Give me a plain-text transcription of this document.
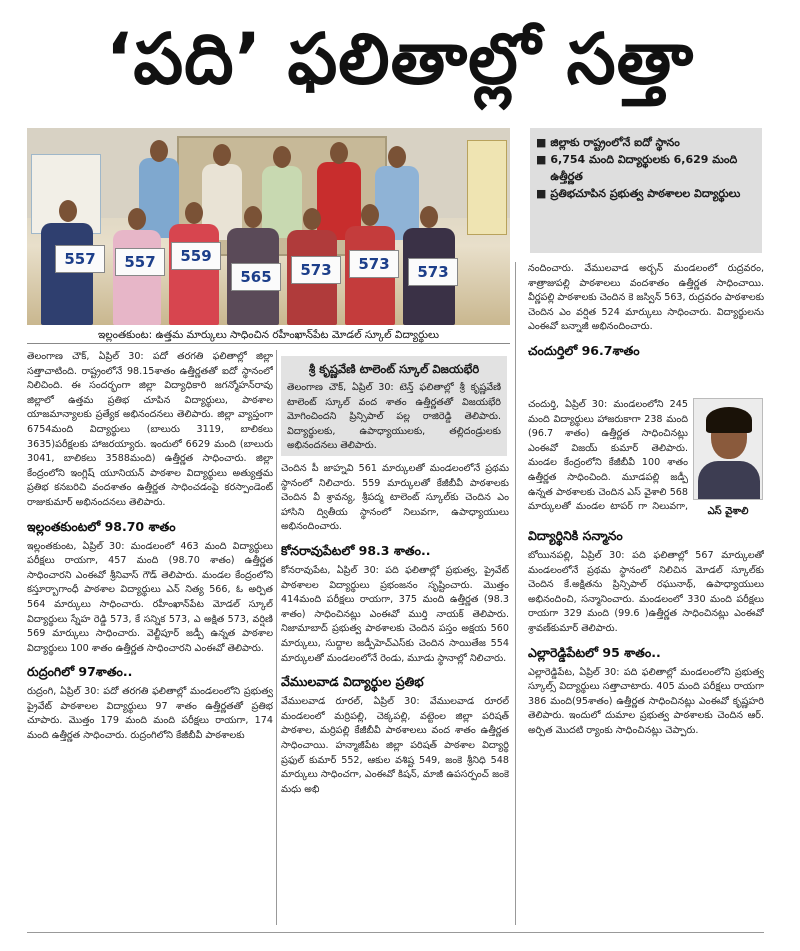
‘పది’ ఫలితాల్లో సత్తా
557	557	559
565	573	573	573
ఇల్లంతకుంట: ఉత్తమ మార్కులు సాధించిన రహీంఖాన్‌పేట మోడల్ స్కూల్ విద్యార్థులు
■ జిల్లాకు రాష్ట్రంలోనే ఐదో స్థానం
■ 6,754 మంది విద్యార్థులకు 6,629 మంది ఉత్తీర్ణత
■ ప్రతిభచూపిన ప్రభుత్వ పాఠశాలల విద్యార్థులు

తెలంగాణ చౌక్, ఏప్రిల్ 30: పదో తరగతి ఫలితాల్లో జిల్లా సత్తాచాటింది. రాష్ట్రంలోనే 98.15శాతం ఉత్తీర్ణతతో ఐదో స్థానంలో నిలిచింది. ఈ సందర్భంగా జిల్లా విద్యాధికారి జగన్మోహన్‌రావు జిల్లాలో ఉత్తమ ప్రతిభ చూపిన విద్యార్థులు, పాఠశాల యాజమాన్యాలకు ప్రత్యేక అభినందనలు తెలిపారు. జిల్లా వ్యాప్తంగా 6754మంది విద్యార్థులు (బాలురు 3119, బాలికలు 3635)పరీక్షలకు హాజరయ్యారు. ఇందులో 6629 మంది (బాలురు 3041, బాలికలు 3588మంది) ఉత్తీర్ణత సాధించారు. జిల్లా కేంద్రంలోని ఇంగ్లిష్ యూనియన్ పాఠశాల విద్యార్థులు అత్యుత్తమ ప్రతిభ కనబరిచి వందశాతం ఉత్తీర్ణత సాధించడంపై కరస్పాండెంట్ రాజుకుమార్ అభినందనలు తెలిపారు.

ఇల్లంతకుంటలో 98.70 శాతం

ఇల్లంతకుంట, ఏప్రిల్ 30: మండలంలో 463 మంది విద్యార్థులు పరీక్షలు రాయగా, 457 మంది (98.70 శాతం) ఉత్తీర్ణత సాధించారని ఎంఈవో శ్రీనివాస్ గౌడ్ తెలిపారు. మండల కేంద్రంలోని కస్తూర్బాగాంధీ పాఠశాల విద్యార్థులు ఎన్ నిత్య 566, ఓ అర్పిత 564 మార్కులు సాధించారు. రహీంఖాన్‌పేట మోడల్ స్కూల్ విద్యార్థులు స్నేహ రెడ్డి 573, కే సన్నిక 573, ఎ అక్షిత 573, వర్షిణి 569 మార్కులు సాధించారు. వెల్జీపూర్ జడ్పీ ఉన్నత పాఠశాల విద్యార్థులు 100 శాతం ఉత్తీర్ణత సాధించారని ఎంఈవో తెలిపారు.

రుద్రంగిలో 97శాతం..

రుద్రంగి, ఏప్రిల్ 30: పదో తరగతి ఫలితాల్లో మండలంలోని ప్రభుత్వ ప్రైవేట్ పాఠశాలల విద్యార్థులు 97 శాతం ఉత్తీర్ణతతో ప్రతిభ చూపారు. మొత్తం 179 మంది మంది పరీక్షలు రాయగా, 174 మంది ఉత్తీర్ణత సాధించారు. రుద్రంగిలోని కేజీబీవీ పాఠశాలకు

శ్రీ కృష్ణవేణి టాలెంట్ స్కూల్ విజయభేరి
తెలంగాణ చౌక్, ఏప్రిల్ 30: టెన్త్ ఫలితాల్లో శ్రీ కృష్ణవేణి టాలెంట్ స్కూల్ వంద శాతం ఉత్తీర్ణతతో విజయభేరి మోగించిందని ప్రిన్సిపాల్ పల్ల రాజిరెడ్డి తెలిపారు. విద్యార్థులకు, ఉపాధ్యాయులకు, తల్లిదండ్రులకు అభినందనలు తెలిపారు.

చెందిన పీ జాహ్నవి 561 మార్కులతో మండలంలోనే ప్రథమ స్థానంలో నిలిచారు. 559 మార్కులతో కేజీబీవీ పాఠశాలకు చెందిన వీ శ్రావన్య, శ్రీపద్మ టాలెంట్ స్కూల్‌కు చెందిన ఎం హాసిని ద్వితీయ స్థానంలో నిలువగా, ఉపాధ్యాయులు అభినందించారు.

కోనరావుపేటలో 98.3 శాతం..

కోనరావుపేట, ఏప్రిల్ 30: పది ఫలితాల్లో ప్రభుత్వ, ప్రైవేట్ పాఠశాలల విద్యార్థులు ప్రభంజనం సృష్టించారు. మొత్తం 414మంది పరీక్షలు రాయగా, 375 మంది ఉత్తీర్ణత (98.3 శాతం) సాధించినట్లు ఎంఈవో ముర్తి నాయక్ తెలిపారు. నిజామాబాద్ ప్రభుత్వ పాఠశాలకు చెందిన పస్తం అక్షయ 560 మార్కులు, సుద్దాల జడ్పీహెచ్‌ఎస్‌కు చెందిన సాయితేజ 554 మార్కులతో మండలంలోనే రెండు, మూడు స్థానాల్లో నిలిచారు.

వేములవాడ విద్యార్థుల ప్రతిభ

వేములవాడ రూరల్, ఏప్రిల్ 30: వేములవాడ రూరల్ మండలంలో మర్రిపల్లి, చెక్కపల్లి, వట్టెంల జిల్లా పరిషత్ పాఠశాల, మర్రిపల్లి కేజీబీవీ పాఠశాలలు వంద శాతం ఉత్తీర్ణత సాధించాయి. హన్మాజీపేట జిల్లా పరిషత్ పాఠశాల విద్యార్థి ప్రఫుల్ కుమార్ 552, ఆకుల వశిష్ట 549, జంకె శ్రీనిధి 548 మార్కులు సాధించగా, ఎంఈవో కిషన్, మాజీ ఉపసర్పంచ్ జంకె మధు అభి

నందించారు. వేములవాడ అర్బన్ మండలంలో రుద్రవరం, శాత్రాజుపల్లి పాఠశాలలు వందశాతం ఉత్తీర్ణత సాధించాయి. వీర్ణపల్లి పాఠశాలకు చెందిన కె జస్విన్ 563, రుద్రవరం పాఠశాలకు చెందిన ఎం వర్షిత 524 మార్కులు సాధించారు. విద్యార్థులను ఎంఈవో బన్నాజీ అభినందించారు.

చందుర్తిలో 96.7శాతం

చందుర్తి, ఏప్రిల్ 30: మండలంలోని 245 మంది విద్యార్థులు హాజరుకాగా 238 మంది (96.7 శాతం) ఉత్తీర్ణత సాధించినట్లు ఎంఈవో విజయ్ కుమార్ తెలిపారు. మండల కేంద్రంలోని కేజీబీవీ 100 శాతం ఉత్తీర్ణత సాధించింది. మూడపల్లి జడ్పీ ఉన్నత పాఠశాలకు చెందిన ఎస్ వైశాలి 568 మార్కులతో మండల టాపర్ గా నిలువగా,	ఎస్ వైశాలి
విద్యార్థినికి సన్మానం

బోయినపల్లి, ఏప్రిల్ 30: పది ఫలితాల్లో 567 మార్కులతో మండలంలోనే ప్రథమ స్థానంలో నిలిచిన మోడల్ స్కూల్‌కు చెందిన కే.అక్షితను ప్రిన్సిపాల్ రఘునాథ్, ఉపాధ్యాయులు అభినందించి, సన్మానించారు. మండలంలో 330 మంది పరీక్షలు రాయగా 329 మంది (99.6 )ఉత్తీర్ణత సాధించినట్లు ఎంఈవో శ్రావణ్‌కుమార్ తెలిపారు.

ఎల్లారెడ్డిపేటలో 95 శాతం..

ఎల్లారెడ్డిపేట, ఏప్రిల్ 30: పది ఫలితాల్లో మండలంలోని ప్రభుత్వ స్కూల్స్ విద్యార్థులు సత్తాచాటారు. 405 మంది పరీక్షలు రాయగా 386 మంది(95శాతం) ఉత్తీర్ణత సాధించినట్లు ఎంఈవో కృష్ణహరి తెలిపారు. ఇందులో దుమాల ప్రభుత్వ పాఠశాలకు చెందిన ఆర్. అర్పిత మొదటి ర్యాంకు సాధించినట్లు చెప్పారు.
